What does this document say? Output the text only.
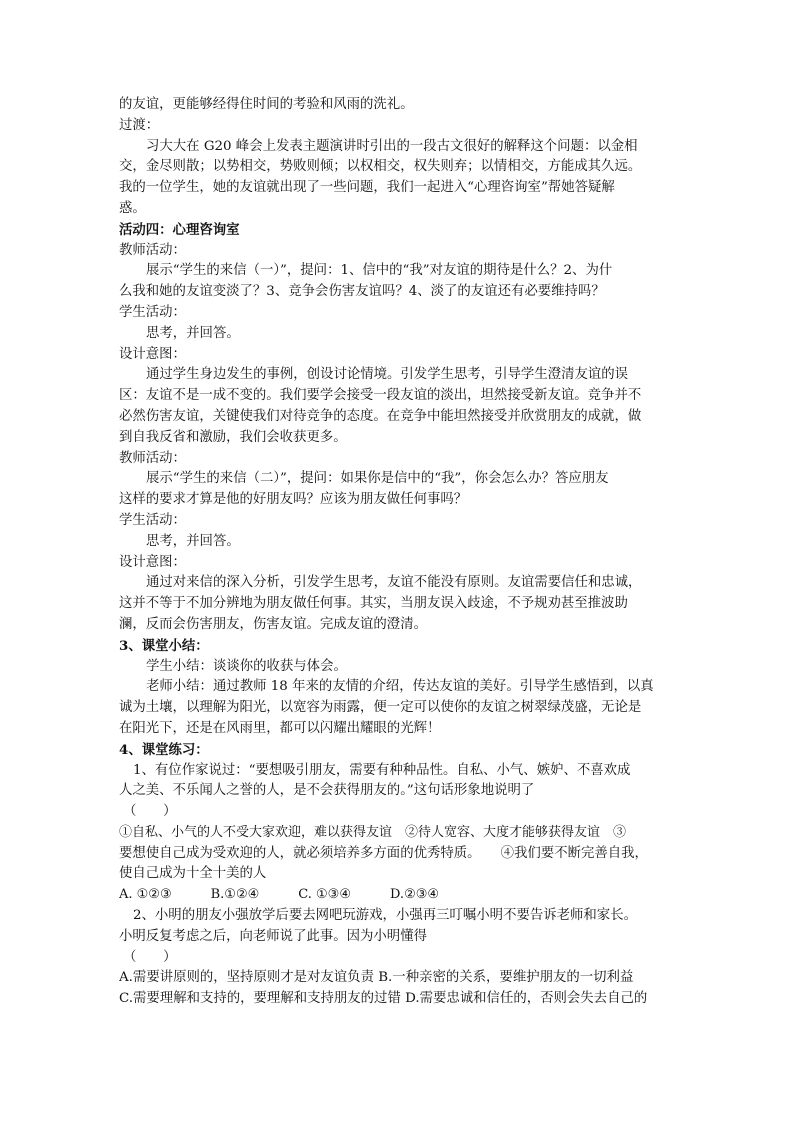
的友谊，更能够经得住时间的考验和风雨的洗礼。
过渡：
习大大在 G20 峰会上发表主题演讲时引出的一段古文很好的解释这个问题：以金相
交，金尽则散；以势相交，势败则倾；以权相交，权失则弃；以情相交，方能成其久远。
我的一位学生，她的友谊就出现了一些问题，我们一起进入“心理咨询室”帮她答疑解
惑。
活动四：心理咨询室
教师活动：
展示“学生的来信（一）”，提问：1、信中的“我”对友谊的期待是什么？2、为什
么我和她的友谊变淡了？3、竞争会伤害友谊吗？4、淡了的友谊还有必要维持吗？
学生活动：
思考，并回答。
设计意图：
通过学生身边发生的事例，创设讨论情境。引发学生思考，引导学生澄清友谊的误
区：友谊不是一成不变的。我们要学会接受一段友谊的淡出，坦然接受新友谊。竞争并不
必然伤害友谊，关键使我们对待竞争的态度。在竞争中能坦然接受并欣赏朋友的成就，做
到自我反省和激励，我们会收获更多。
教师活动：
展示“学生的来信（二）”，提问：如果你是信中的“我”，你会怎么办？答应朋友
这样的要求才算是他的好朋友吗？应该为朋友做任何事吗？
学生活动：
思考，并回答。
设计意图：
通过对来信的深入分析，引发学生思考，友谊不能没有原则。友谊需要信任和忠诚，
这并不等于不加分辨地为朋友做任何事。其实，当朋友误入歧途，不予规劝甚至推波助
澜，反而会伤害朋友，伤害友谊。完成友谊的澄清。
3、课堂小结：
学生小结：谈谈你的收获与体会。
老师小结：通过教师 18 年来的友情的介绍，传达友谊的美好。引导学生感悟到，以真
诚为土壤，以理解为阳光，以宽容为雨露，便一定可以使你的友谊之树翠绿茂盛，无论是
在阳光下，还是在风雨里，都可以闪耀出耀眼的光辉！
4、课堂练习：
1、有位作家说过：“要想吸引朋友，需要有种种品性。自私、小气、嫉妒、不喜欢成
人之美、不乐闻人之誉的人，是不会获得朋友的。”这句话形象地说明了
（　　）
①自私、小气的人不受大家欢迎，难以获得友谊　②待人宽容、大度才能够获得友谊　③
要想使自己成为受欢迎的人，就必须培养多方面的优秀特质。　　④我们要不断完善自我，
使自己成为十全十美的人
A. ①②③　　　B.①②④　　　C. ①③④　　　D.②③④
2、小明的朋友小强放学后要去网吧玩游戏，小强再三叮嘱小明不要告诉老师和家长。
小明反复考虑之后，向老师说了此事。因为小明懂得
（　　）
A.需要讲原则的，坚持原则才是对友谊负责 B.一种亲密的关系，要维护朋友的一切利益
C.需要理解和支持的，要理解和支持朋友的过错 D.需要忠诚和信任的，否则会失去自己的
